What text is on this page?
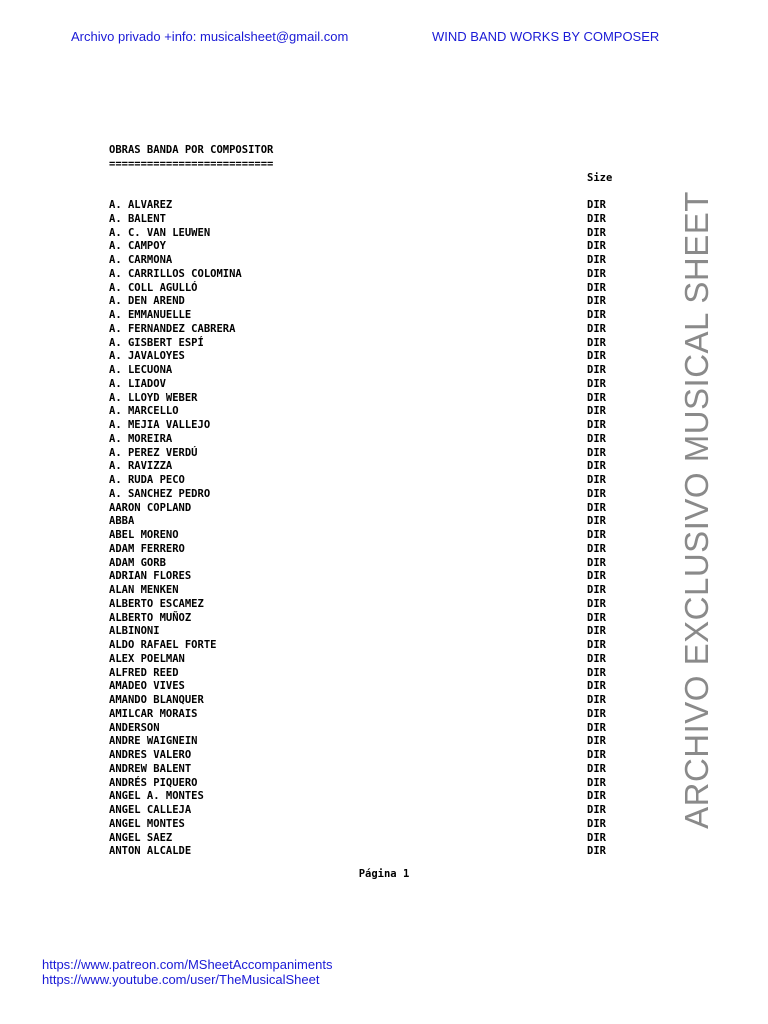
Archivo privado +info: musicalsheet@gmail.com	WIND BAND WORKS BY COMPOSER
OBRAS BANDA POR COMPOSITOR
==========================

Size

A. ALVAREZ	DIR
A. BALENT	DIR
A. C. VAN LEUWEN	DIR
A. CAMPOY	DIR
A. CARMONA	DIR
A. CARRILLOS COLOMINA	DIR
A. COLL AGULLÓ	DIR
A. DEN AREND	DIR
A. EMMANUELLE	DIR
A. FERNANDEZ CABRERA	DIR
A. GISBERT ESPÍ	DIR
A. JAVALOYES	DIR
A. LECUONA	DIR
A. LIADOV	DIR
A. LLOYD WEBER	DIR
A. MARCELLO	DIR
A. MEJIA VALLEJO	DIR
A. MOREIRA	DIR
A. PEREZ VERDÚ	DIR
A. RAVIZZA	DIR
A. RUDA PECO	DIR
A. SANCHEZ PEDRO	DIR
AARON COPLAND	DIR
ABBA	DIR
ABEL MORENO	DIR
ADAM FERRERO	DIR
ADAM GORB	DIR
ADRIAN FLORES	DIR
ALAN MENKEN	DIR
ALBERTO ESCAMEZ	DIR
ALBERTO MUÑOZ	DIR
ALBINONI	DIR
ALDO RAFAEL FORTE	DIR
ALEX POELMAN	DIR
ALFRED REED	DIR
AMADEO VIVES	DIR
AMANDO BLANQUER	DIR
AMILCAR MORAIS	DIR
ANDERSON	DIR
ANDRE WAIGNEIN	DIR
ANDRES VALERO	DIR
ANDREW BALENT	DIR
ANDRÉS PIQUERO	DIR
ANGEL A. MONTES	DIR
ANGEL CALLEJA	DIR
ANGEL MONTES	DIR
ANGEL SAEZ	DIR
ANTON ALCALDE	DIR
Página 1
ARCHIVO EXCLUSIVO MUSICAL SHEET
https://www.patreon.com/MSheetAccompaniments
https://www.youtube.com/user/TheMusicalSheet
